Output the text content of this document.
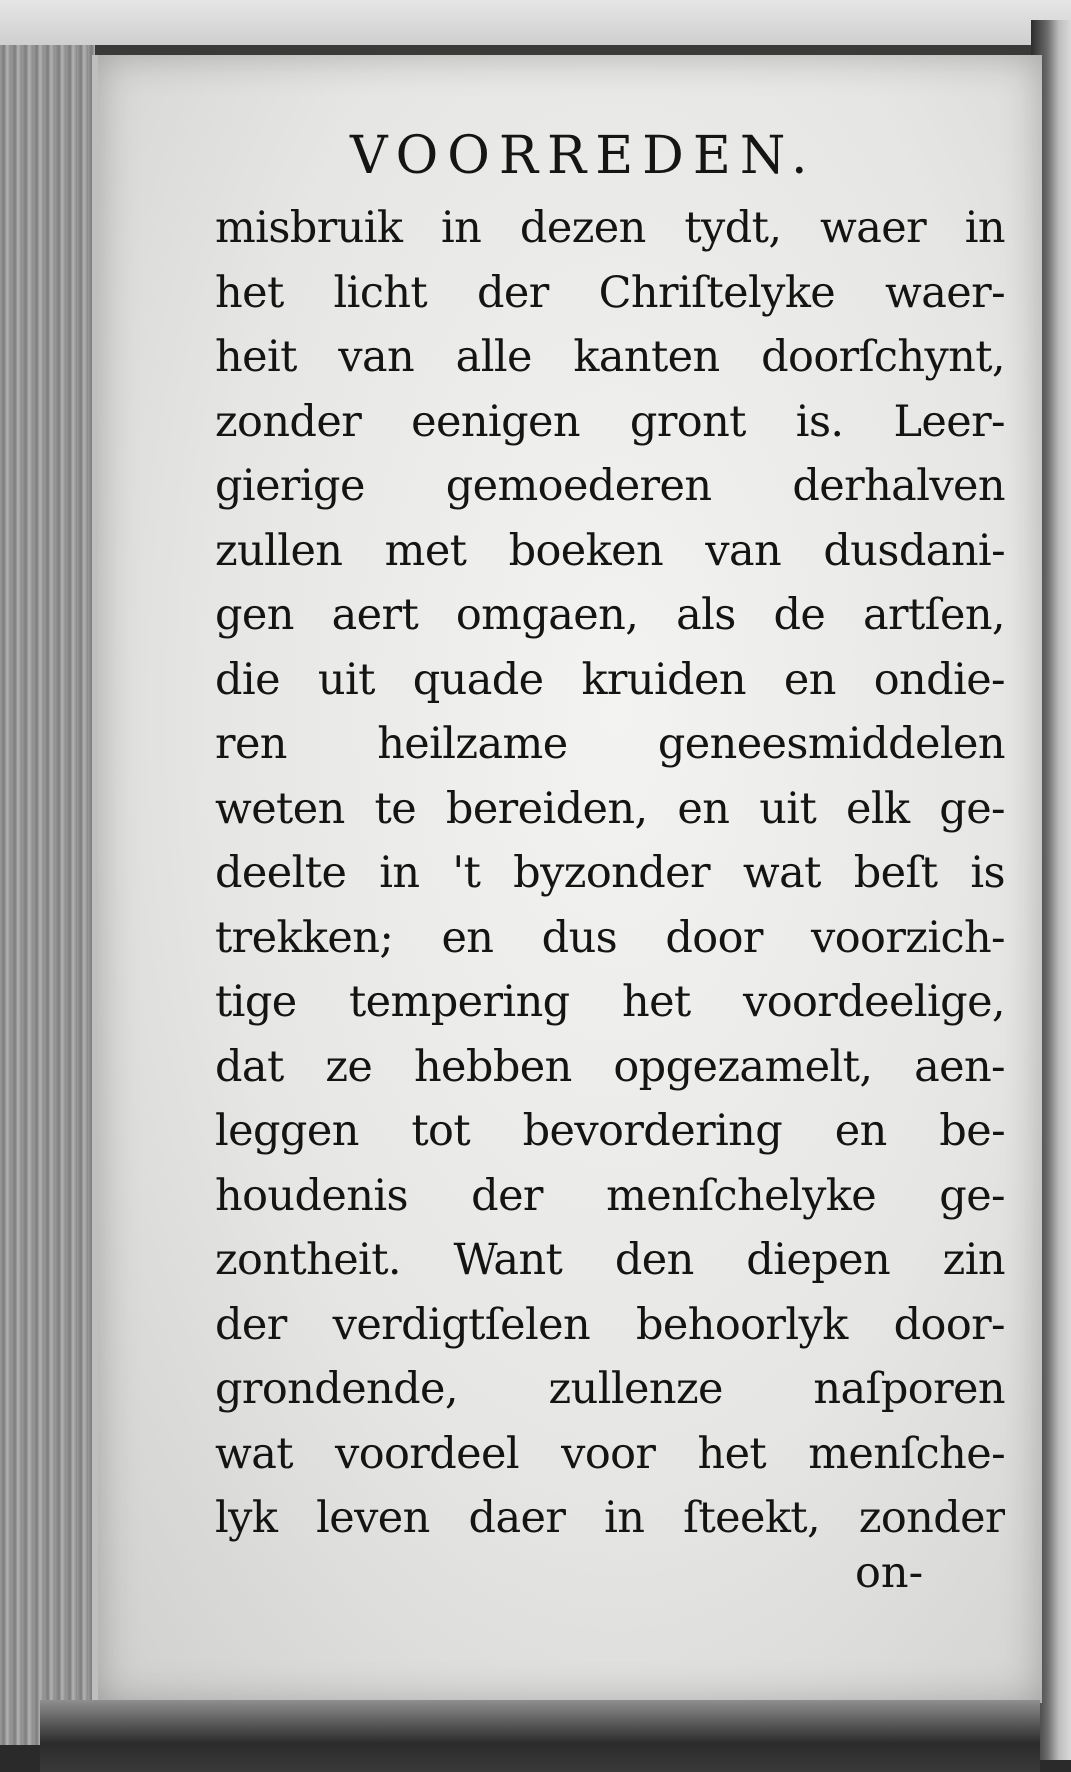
VOORREDEN.
misbruik in dezen tydt, waer in
het licht der Chriſtelyke waer-
heit van alle kanten doorſchynt,
zonder eenigen gront is. Leer-
gierige gemoederen derhalven
zullen met boeken van dusdani-
gen aert omgaen, als de artſen,
die uit quade kruiden en ondie-
ren heilzame geneesmiddelen
weten te bereiden, en uit elk ge-
deelte in 't byzonder wat beſt is
trekken; en dus door voorzich-
tige tempering het voordeelige,
dat ze hebben opgezamelt, aen-
leggen tot bevordering en be-
houdenis der menſchelyke ge-
zontheit. Want den diepen zin
der verdigtſelen behoorlyk door-
grondende, zullenze naſporen
wat voordeel voor het menſche-
lyk leven daer in ſteekt, zonder
on-
